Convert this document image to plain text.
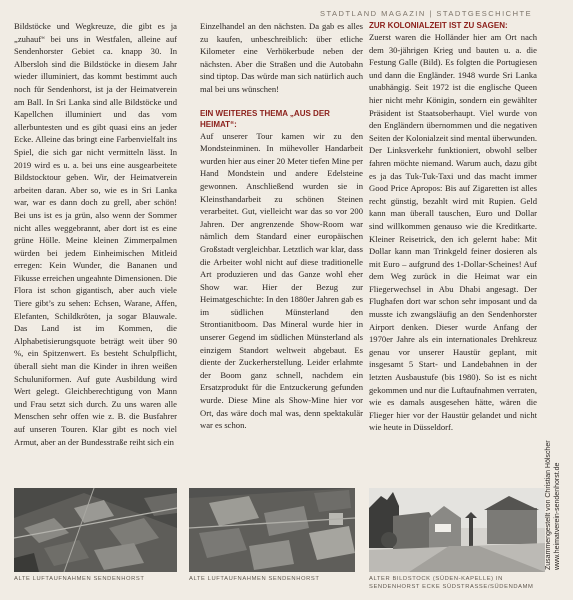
STADTLAND MAGAZIN | STADTGESCHICHTE

Bildstöcke und Wegkreuze, die gibt es ja „zuhauf“ bei uns in Westfalen, alleine auf Sendenhorster Gebiet ca. knapp 30. In Albersloh sind die Bildstöcke in diesem Jahr wieder illuminiert, das kommt bestimmt auch noch für Sendenhorst, ist ja der Heimatverein am Ball. In Sri Lanka sind alle Bildstöcke und Kapellchen illuminiert und das vom allerbuntesten und es gibt quasi eins an jeder Ecke. Alleine das bringt eine Farbenvielfalt ins Spiel, die sich gar nicht vermitteln lässt. In 2019 wird es u. a. bei uns eine ausgearbeitete Bildstocktour geben. Wir, der Heimatverein arbeiten daran. Aber so, wie es in Sri Lanka war, war es dann doch zu grell, aber schön! Bei uns ist es ja grün, also wenn der Sommer nicht alles weggebrannt, aber dort ist es eine grüne Hölle. Meine kleinen Zimmerpalmen würden bei jedem Einheimischen Mitleid erregen: Kein Wunder, die Bananen und Fikusse erreichen ungeahnte Dimensionen. Die Flora ist schon gigantisch, aber auch viele Tiere gibt’s zu sehen: Echsen, Warane, Affen, Elefanten, Schildkröten, ja sogar Blauwale. Das Land ist im Kommen, die Alphabetisierungsquote beträgt weit über 90 %, ein Spitzenwert. Es besteht Schulpflicht, überall sieht man die Kinder in ihren weißen Schuluniformen. Auf gute Ausbildung wird Wert gelegt. Gleichberechtigung von Mann und Frau setzt sich durch. Zu uns waren alle Menschen sehr offen wie z. B. die Busfahrer auf unseren Touren. Klar gibt es noch viel Armut, aber an der Bundesstraße reiht sich ein

Einzelhandel an den nächsten. Da gab es alles zu kaufen, unbeschreiblich: über etliche Kilometer eine Verhökerbude neben der nächsten. Aber die Straßen und die Autobahn sind tiptop. Das würde man sich natürlich auch mal bei uns wünschen!

EIN WEITERES THEMA „AUS DER HEIMAT“:

Auf unserer Tour kamen wir zu den Mondsteinminen. In mühevoller Handarbeit wurden hier aus einer 20 Meter tiefen Mine per Hand Mondstein und andere Edelsteine gewonnen. Anschließend wurden sie in Kleinsthandarbeit zu schönen Steinen verarbeitet. Gut, vielleicht war das so vor 200 Jahren. Der angrenzende Show-Room war nämlich dem Standard einer europäischen Großstadt vergleichbar. Letztlich war klar, dass die Arbeiter wohl nicht auf diese traditionelle Art produzieren und das Ganze wohl eher Show war. Hier der Bezug zur Heimatgeschichte: In den 1880er Jahren gab es im südlichen Münsterland den Strontianitboom. Das Mineral wurde hier in unserer Gegend im südlichen Münsterland als einzigem Standort weltweit abgebaut. Es diente der Zuckerherstellung. Leider erlahmte der Boom ganz schnell, nachdem ein Ersatzprodukt für die Entzuckerung gefunden wurde. Diese Mine als Show-Mine hier vor Ort, das wäre doch mal was, denn spektakulär war es schon.

ZUR KOLONIALZEIT IST ZU SAGEN:

Zuerst waren die Holländer hier am Ort nach dem 30-jährigen Krieg und bauten u. a. die Festung Galle (Bild). Es folgten die Portugiesen und dann die Engländer. 1948 wurde Sri Lanka unabhängig. Seit 1972 ist die englische Queen hier nicht mehr Königin, sondern ein gewählter Präsident ist Staatsoberhaupt. Viel wurde von den Engländern übernommen und die negativen Seiten der Kolonialzeit sind mental überwunden. Der Linksverkehr funktioniert, obwohl selber fahren möchte niemand. Warum auch, dazu gibt es ja das Tuk-Tuk-Taxi und das macht immer Good Price Apropos: Bis auf Zigaretten ist alles recht günstig, bezahlt wird mit Rupien. Geld kann man überall tauschen, Euro und Dollar sind willkommen genauso wie die Kreditkarte. Kleiner Reisetrick, den ich gelernt habe: Mit Dollar kann man Trinkgeld feiner dosieren als mit Euro – aufgrund des 1-Dollar-Scheines! Auf dem Weg zurück in die Heimat war ein Fliegerwechsel in Abu Dhabi angesagt. Der Flughafen dort war schon sehr imposant und da musste ich zwangsläufig an den Sendenhorster Airport denken. Dieser wurde Anfang der 1970er Jahre als ein internationales Drehkreuz genau vor unserer Haustür geplant, mit insgesamt 5 Start- und Landebahnen in der letzten Ausbaustufe (bis 1980). So ist es nicht gekommen und nur die Luftaufnahmen verraten, wie es damals ausgesehen hätte, wären die Flieger hier vor der Haustür gelandet und nicht wie heute in Düsseldorf.

Zusammengestellt von Christian Hölscher www.heimatverein-sendenhorst.de
ALTE LUFTAUFNAHMEN SENDENHORST	ALTE LUFTAUFNAHMEN SENDENHORST	ALTER BILDSTOCK (SÜDEN-KAPELLE) IN SENDENHORST ECKE SÜDSTRASSE/SÜDENDAMM
